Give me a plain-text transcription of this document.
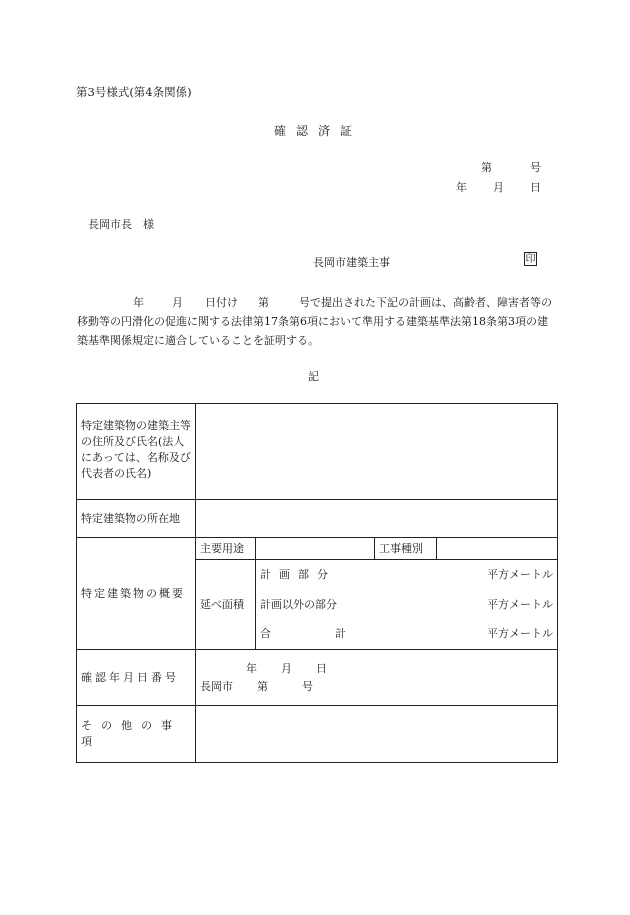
第3号様式(第4条関係)
確認済証
第	号
年 月 日
長岡市長　様
長岡市建築主事	印
年	月 日付け 第	号で提出された下記の計画は、高齢者、障害者等の移動等の円滑化の促進に関する法律第17条第6項において準用する建築基準法第18条第3項の建築基準関係規定に適合していることを証明する。
記
特定建築物の建築主等の住所及び氏名(法人にあっては、名称及び代表者の氏名)				
特定建築物の所在地				
特定建築物の概要	主要用途		工事種別	
	延べ面積	計画部分 平方メートル		

		計画以外の部分 平方メートル		

		合計 平方メートル		

確認年月日番号	年 月 日
長岡市 第 号			

その他の事項				
